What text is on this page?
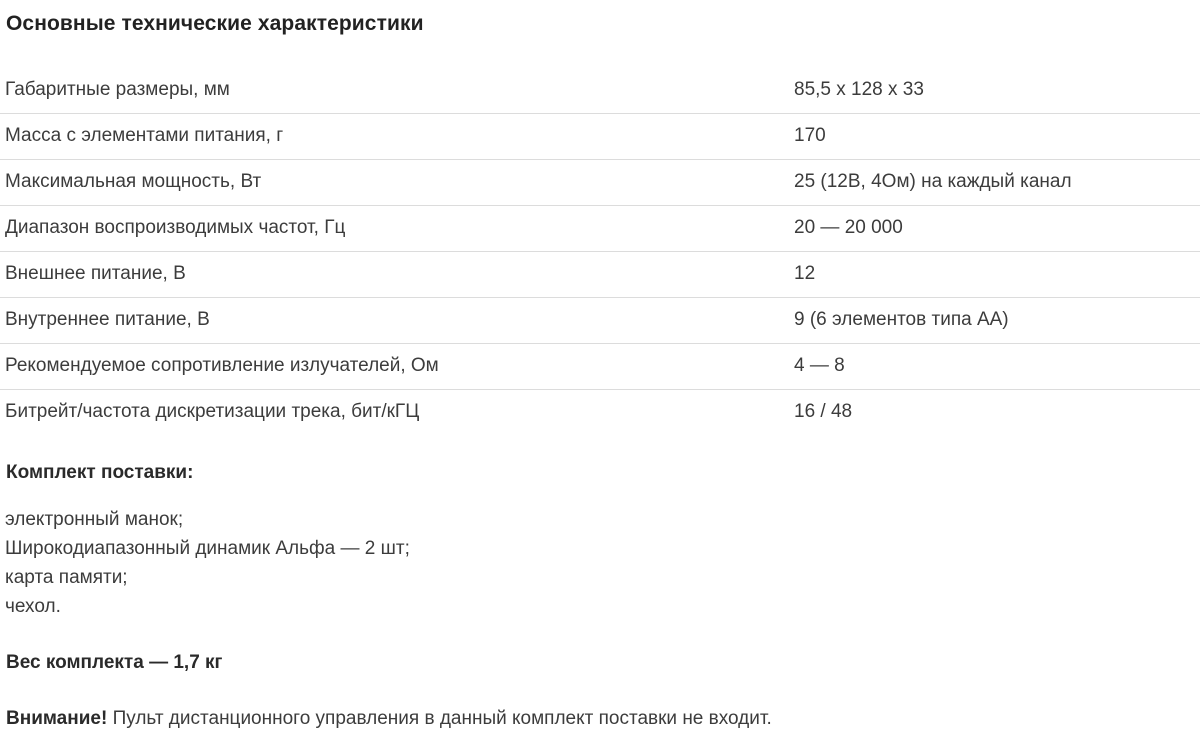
Основные технические характеристики
Габаритные размеры, мм	85,5 х 128 х 33
Масса с элементами питания, г	170
Максимальная мощность, Вт	25 (12В, 4Ом) на каждый канал
Диапазон воспроизводимых частот, Гц	20 — 20 000
Внешнее питание, В	12
Внутреннее питание, В	9 (6 элементов типа АА)
Рекомендуемое сопротивление излучателей, Ом	4 — 8
Битрейт/частота дискретизации трека, бит/кГЦ	16 / 48
Комплект поставки:
электронный манок;
Широкодиапазонный динамик Альфа — 2 шт;
карта памяти;
чехол.

Вес комплекта — 1,7 кг

Внимание! Пульт дистанционного управления в данный комплект поставки не входит.
